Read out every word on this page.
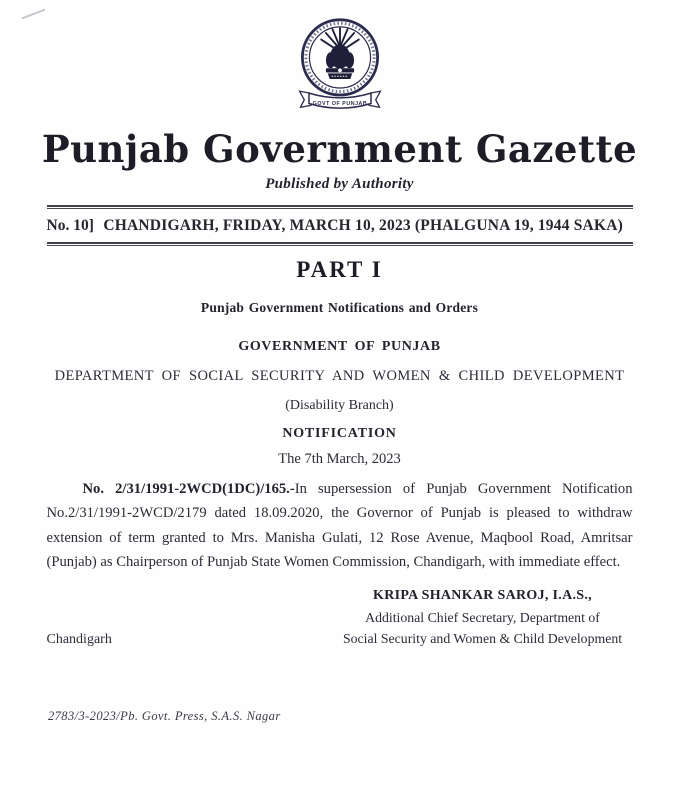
GOVT OF PUNJAB
Punjab Government Gazette
Published by Authority
No. 10] CHANDIGARH, FRIDAY, MARCH 10, 2023 (PHALGUNA 19, 1944 SAKA)
PART I
Punjab Government Notifications and Orders
GOVERNMENT OF PUNJAB
DEPARTMENT OF SOCIAL SECURITY AND WOMEN & CHILD DEVELOPMENT
(Disability Branch)
NOTIFICATION
The 7th March, 2023

No. 2/31/1991-2WCD(1DC)/165.-In supersession of Punjab Government Notification No.2/31/1991-2WCD/2179 dated 18.09.2020, the Governor of Punjab is pleased to withdraw extension of term granted to Mrs. Manisha Gulati, 12 Rose Avenue, Maqbool Road, Amritsar (Punjab) as Chairperson of Punjab State Women Commission, Chandigarh, with immediate effect.

KRIPA SHANKAR SAROJ, I.A.S.,
Additional Chief Secretary, Department of
Social Security and Women & Child Development
Chandigarh
2783/3-2023/Pb. Govt. Press, S.A.S. Nagar
